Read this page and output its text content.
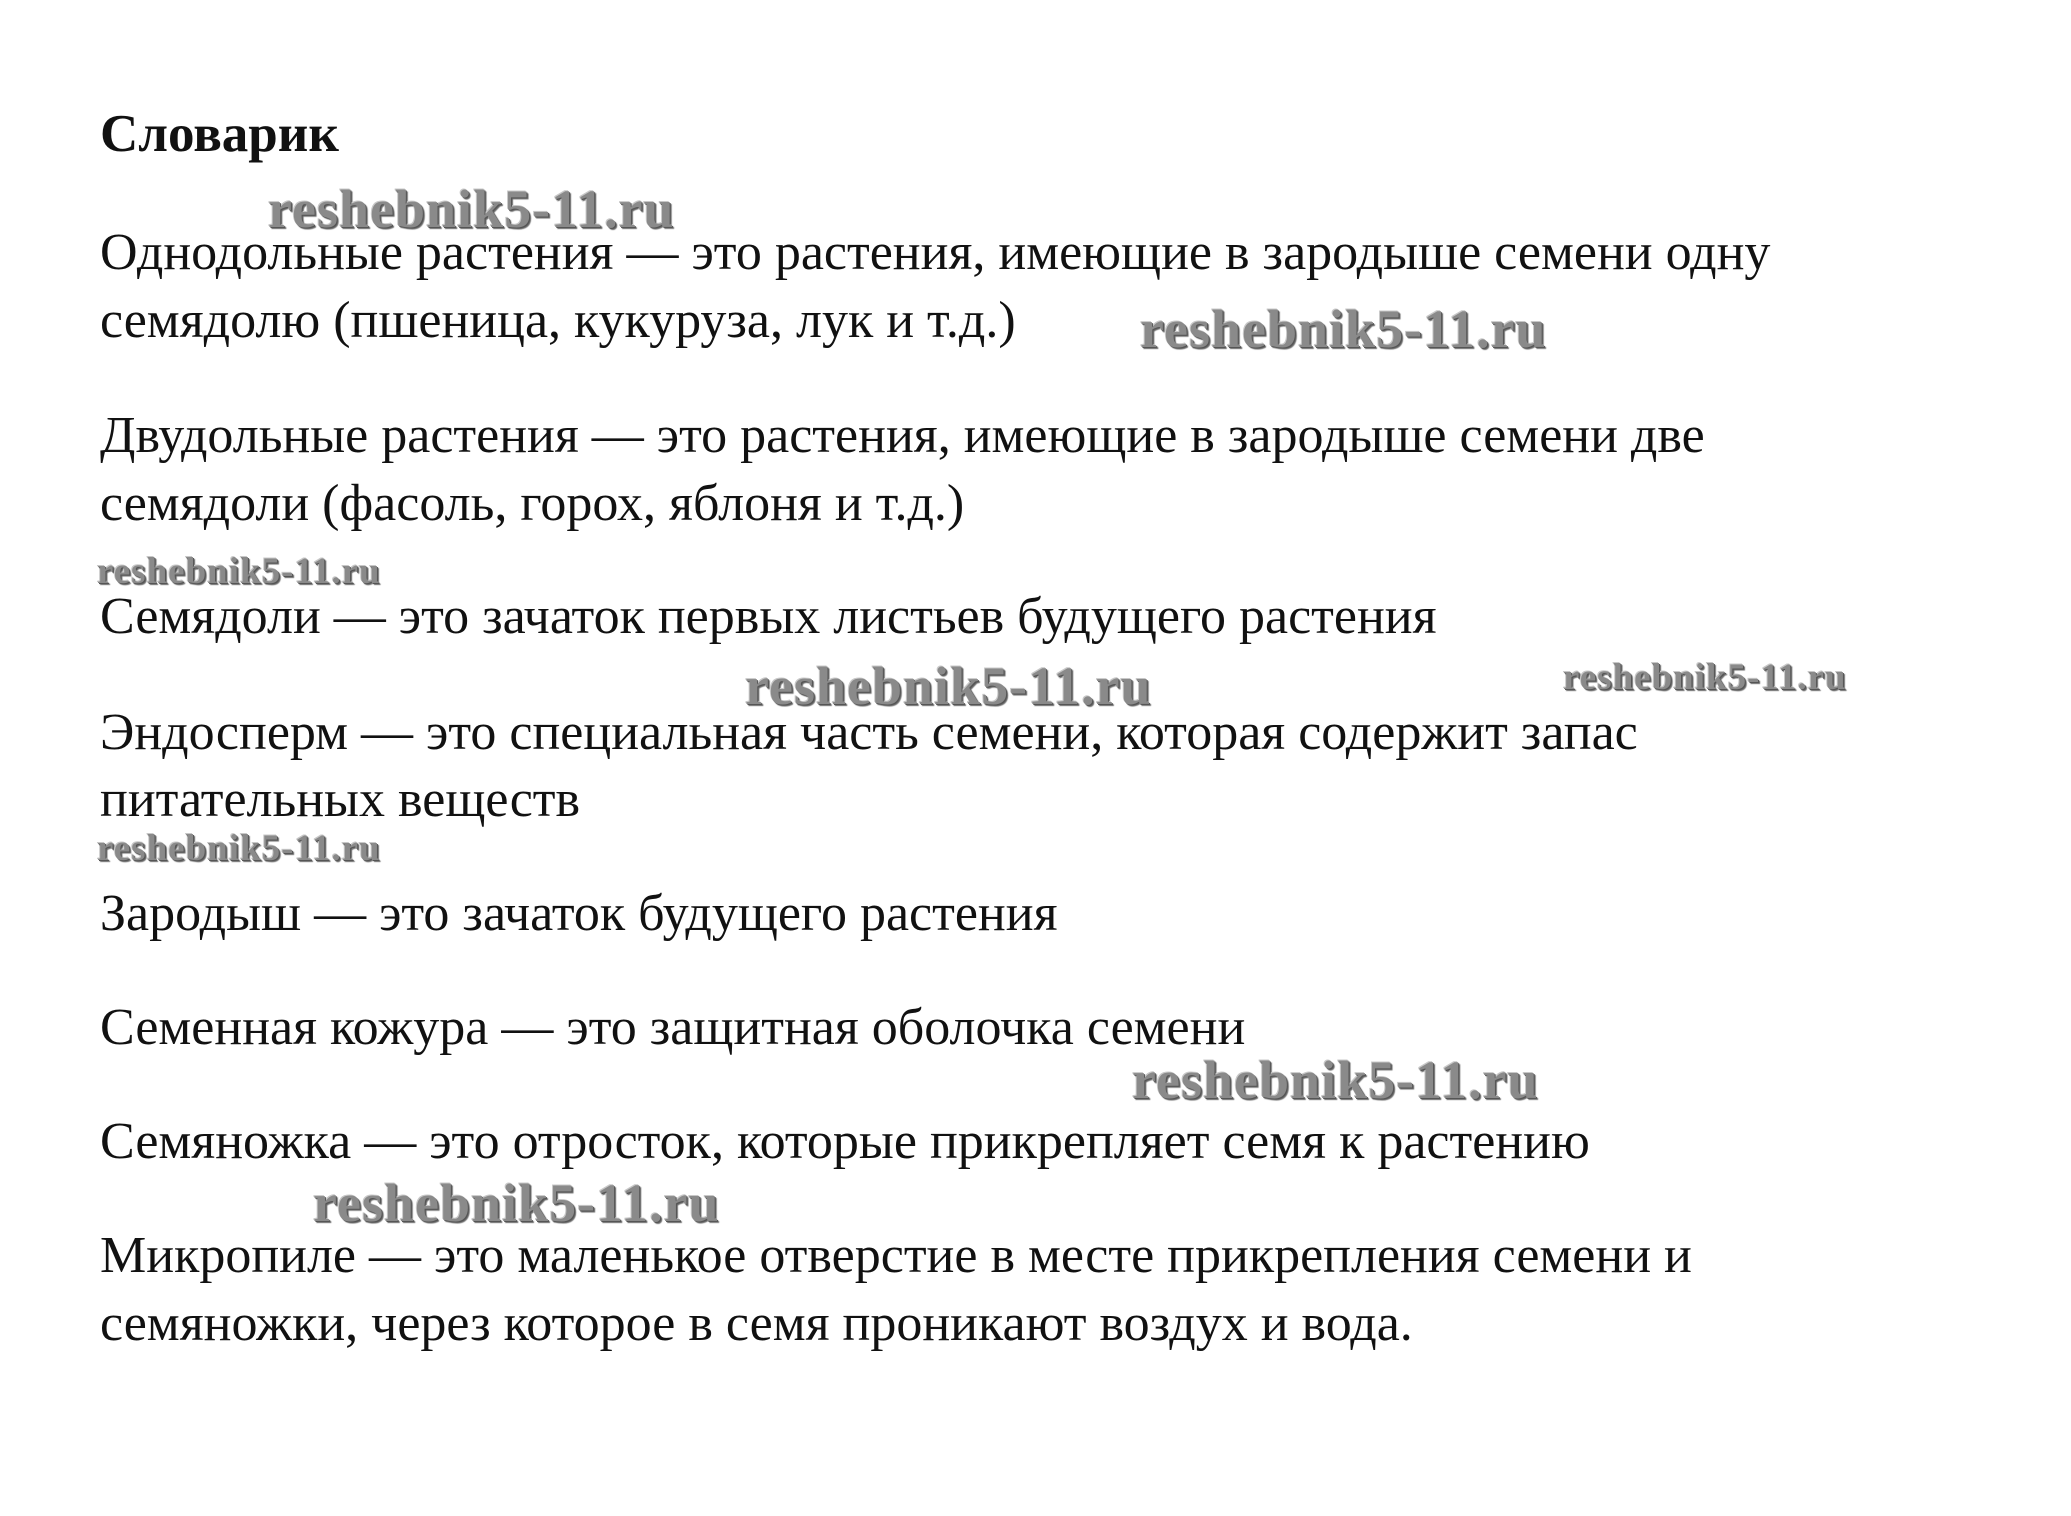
Словарик

Однодольные растения — это растения, имеющие в зародыше семени одну

семядолю (пшеница, кукуруза, лук и т.д.)

Двудольные растения — это растения, имеющие в зародыше семени две

семядоли (фасоль, горох, яблоня и т.д.)

Семядоли — это зачаток первых листьев будущего растения

Эндосперм — это специальная часть семени, которая содержит запас

питательных веществ

Зародыш — это зачаток будущего растения

Семенная кожура — это защитная оболочка семени

Семяножка — это отросток, которые прикрепляет семя к растению

Микропиле — это маленькое отверстие в месте прикрепления семени и

семяножки, через которое в семя проникают воздух и вода.

reshebnik5-11.ru
reshebnik5-11.ru
reshebnik5-11.ru
reshebnik5-11.ru	reshebnik5-11.ru
reshebnik5-11.ru
reshebnik5-11.ru
reshebnik5-11.ru
